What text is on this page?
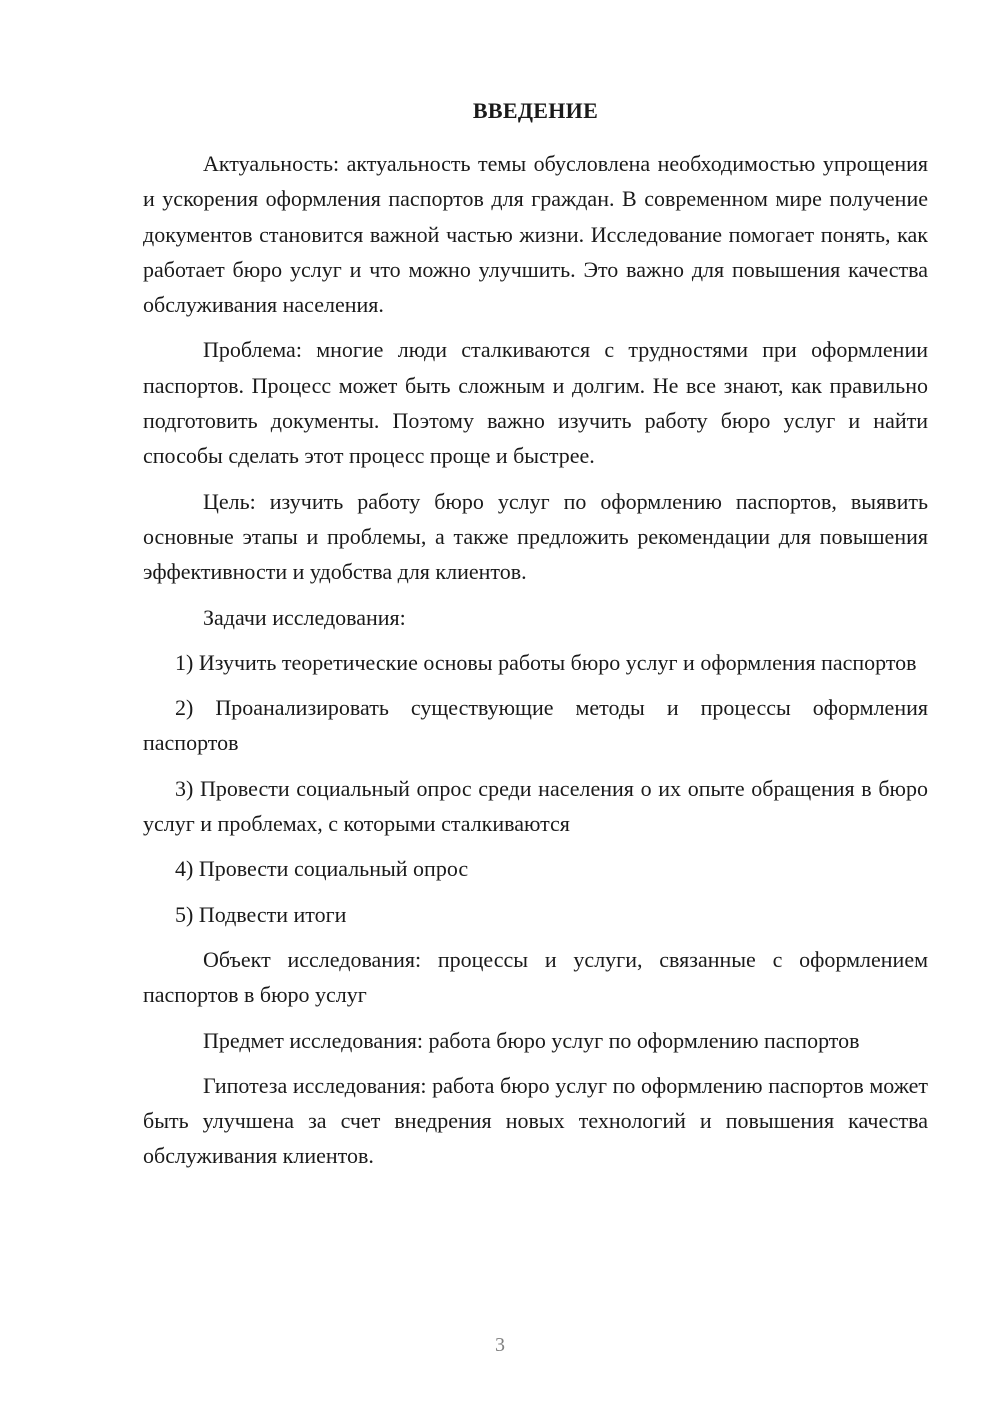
ВВЕДЕНИЕ

Актуальность: актуальность темы обусловлена необходимостью упрощения и ускорения оформления паспортов для граждан. В современном мире получение документов становится важной частью жизни. Исследование помогает понять, как работает бюро услуг и что можно улучшить. Это важно для повышения качества обслуживания населения.

Проблема: многие люди сталкиваются с трудностями при оформлении паспортов. Процесс может быть сложным и долгим. Не все знают, как правильно подготовить документы. Поэтому важно изучить работу бюро услуг и найти способы сделать этот процесс проще и быстрее.

Цель: изучить работу бюро услуг по оформлению паспортов, выявить основные этапы и проблемы, а также предложить рекомендации для повышения эффективности и удобства для клиентов.

Задачи исследования:

1) Изучить теоретические основы работы бюро услуг и оформления паспортов

2) Проанализировать существующие методы и процессы оформления паспортов

3) Провести социальный опрос среди населения о их опыте обращения в бюро услуг и проблемах, с которыми сталкиваются

4) Провести социальный опрос

5) Подвести итоги

Объект исследования: процессы и услуги, связанные с оформлением паспортов в бюро услуг

Предмет исследования: работа бюро услуг по оформлению паспортов

Гипотеза исследования: работа бюро услуг по оформлению паспортов может быть улучшена за счет внедрения новых технологий и повышения качества обслуживания клиентов.

3
